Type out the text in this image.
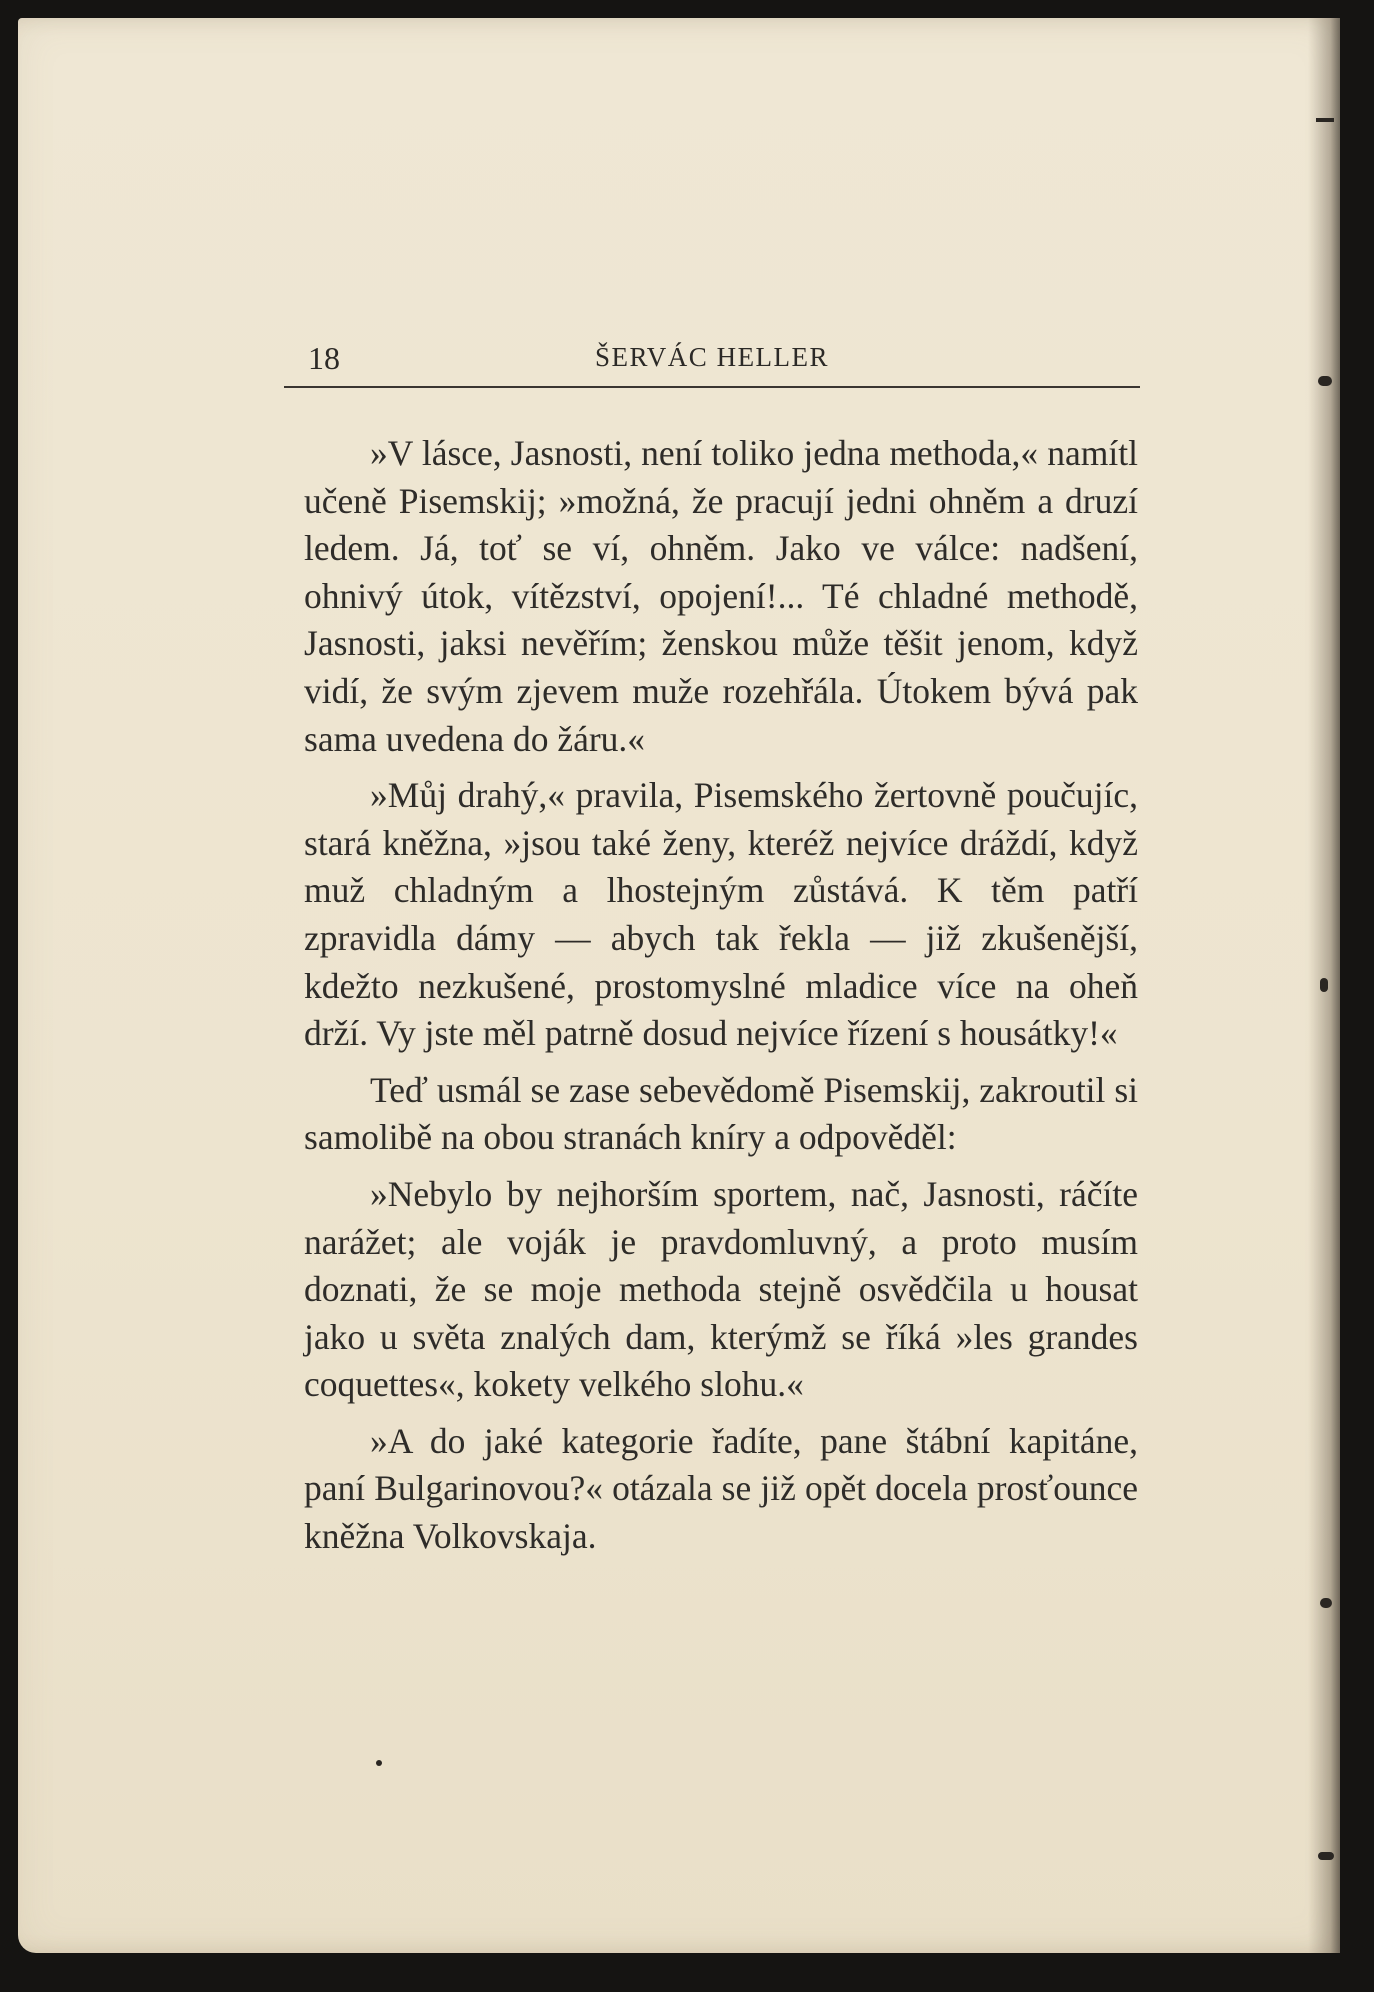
18	ŠERVÁC HELLER

»V lásce, Jasnosti, není toliko jedna methoda,« namítl učeně Pisemskij; »možná, že pracují jedni ohněm a druzí ledem. Já, toť se ví, ohněm. Jako ve válce: nadšení, ohnivý útok, vítězství, opojení!... Té chladné methodě, Jasnosti, jaksi nevěřím; ženskou může těšit jenom, když vidí, že svým zjevem muže rozehřála. Útokem bývá pak sama uvedena do žáru.«

»Můj drahý,« pravila, Pisemského žertovně poučujíc, stará kněžna, »jsou také ženy, kteréž nejvíce dráždí, když muž chladným a lhostejným zůstává. K těm patří zpravidla dámy — abych tak řekla — již zkušenější, kdežto nezkušené, prostomyslné mladice více na oheň drží. Vy jste měl patrně dosud nejvíce řízení s housátky!«

Teď usmál se zase sebevědomě Pisemskij, zakroutil si samolibě na obou stranách knírу a odpověděl:

»Nebylo by nejhorším sportem, nač, Jasnosti, ráčíte narážet; ale voják je pravdomluvný, a proto musím doznati, že se moje methoda stejně osvědčila u housat jako u světa znalých dam, kterýmž se říká »les grandes coquettes«, kokety velkého slohu.«

»A do jaké kategorie řadíte, pane štábní kapitáne, paní Bulgarinovou?« otázala se již opět docela prosťounce kněžna Volkovskaja.
